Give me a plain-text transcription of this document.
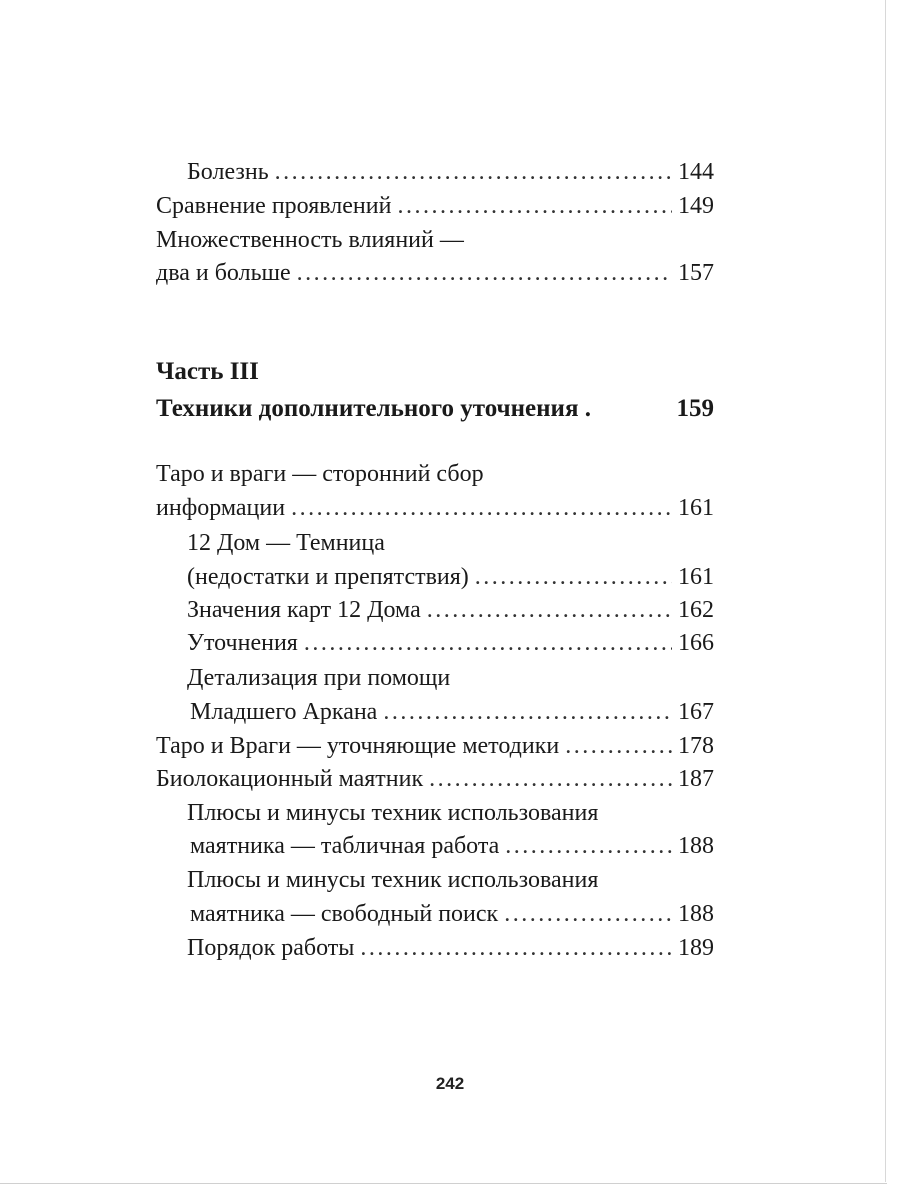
Болезнь .....	144
Сравнение проявлений .....	149
Множественность влияний —
два и больше .....	157
Часть III
Техники дополнительного уточнения .	159
Таро и враги — сторонний сбор
информации .....	161
12 Дом — Темница
(недостатки и препятствия) .....	161
Значения карт 12 Дома .....	162
Уточнения .....	166
Детализация при помощи
Младшего Аркана .....	167
Таро и Враги — уточняющие методики .....	178
Биолокационный маятник .....	187
Плюсы и минусы техник использования
маятника — табличная работа .....	188
Плюсы и минусы техник использования
маятника — свободный поиск .....	188
Порядок работы .....	189
242
